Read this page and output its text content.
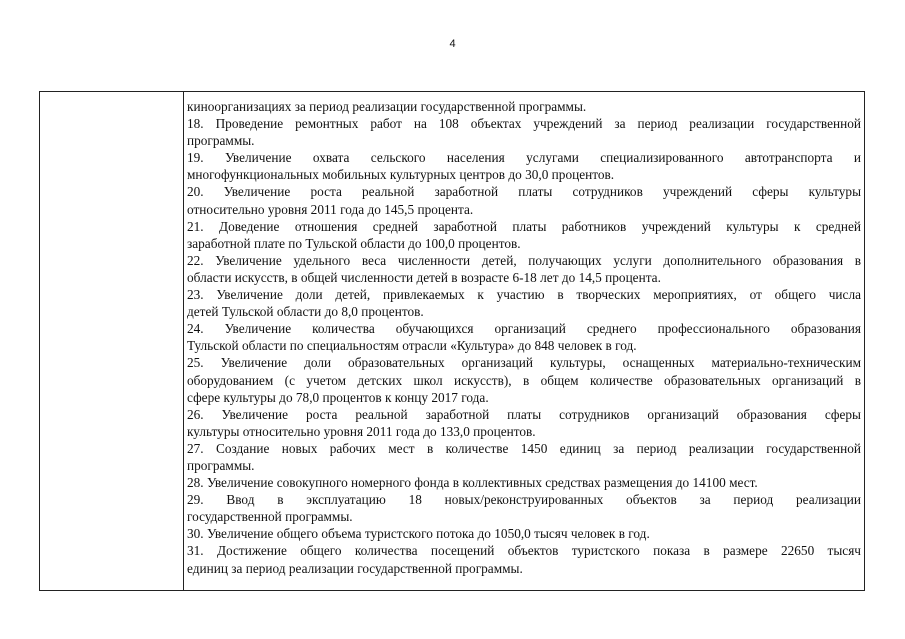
4
киноорганизациях за период реализации государственной программы.
18. Проведение ремонтных работ на 108 объектах учреждений за период реализации государственной
программы.
19. Увеличение охвата сельского населения услугами специализированного автотранспорта и
многофункциональных мобильных культурных центров до 30,0 процентов.
20. Увеличение роста реальной заработной платы сотрудников учреждений сферы культуры
относительно уровня 2011 года до 145,5 процента.
21. Доведение отношения средней заработной платы работников учреждений культуры к средней
заработной плате по Тульской области до 100,0 процентов.
22. Увеличение удельного веса численности детей, получающих услуги дополнительного образования в
области искусств, в общей численности детей в возрасте 6-18 лет до 14,5 процента.
23. Увеличение доли детей, привлекаемых к участию в творческих мероприятиях, от общего числа
детей Тульской области до 8,0 процентов.
24. Увеличение количества обучающихся организаций среднего профессионального образования
Тульской области по специальностям отрасли «Культура» до 848 человек в год.
25. Увеличение доли образовательных организаций культуры, оснащенных материально-техническим
оборудованием (с учетом детских школ искусств), в общем количестве образовательных организаций в
сфере культуры до 78,0 процентов к концу 2017 года.
26. Увеличение роста реальной заработной платы сотрудников организаций образования сферы
культуры относительно уровня 2011 года до 133,0 процентов.
27. Создание новых рабочих мест в количестве 1450 единиц за период реализации государственной
программы.
28. Увеличение совокупного номерного фонда в коллективных средствах размещения до 14100 мест.
29. Ввод в эксплуатацию 18 новых/реконструированных объектов за период реализации
государственной программы.
30. Увеличение общего объема туристского потока до 1050,0 тысяч человек в год.
31. Достижение общего количества посещений объектов туристского показа в размере 22650 тысяч
единиц за период реализации государственной программы.
